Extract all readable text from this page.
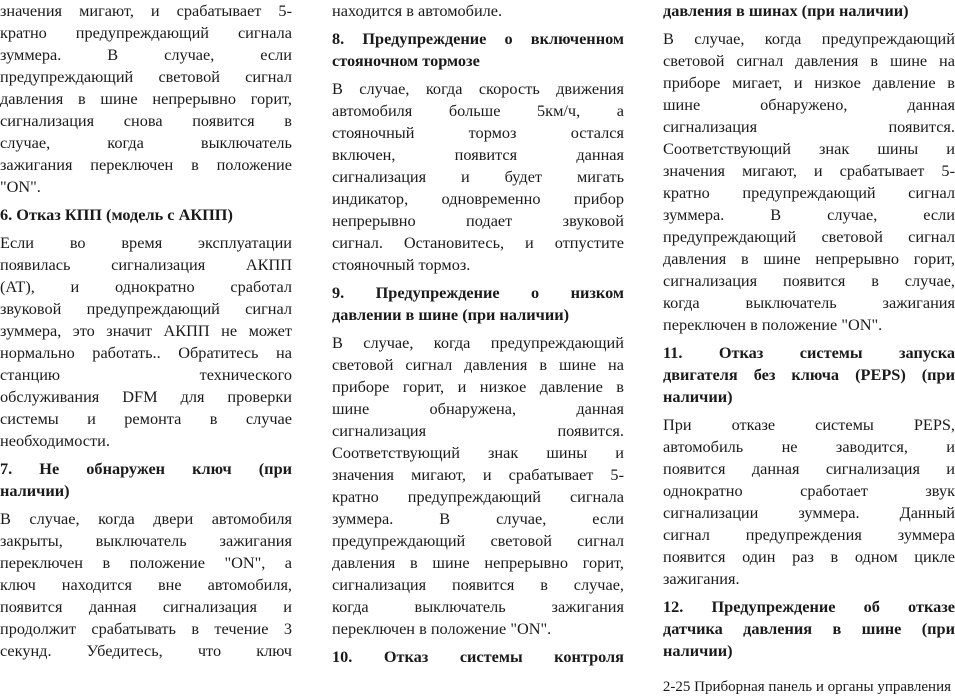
значения мигают, и срабатывает 5-
кратно предупреждающий сигнала
зуммера. В случае, если
предупреждающий световой сигнал
давления в шине непрерывно горит,
сигнализация снова появится в
случае, когда выключатель
зажигания переключен в положение
"ON".
6. Отказ КПП (модель с АКПП)
Если во время эксплуатации
появилась сигнализация АКПП
(AT), и однократно сработал
звуковой предупреждающий сигнал
зуммера, это значит АКПП не может
нормально работать.. Обратитесь на
станцию технического
обслуживания DFM для проверки
системы и ремонта в случае
необходимости.
7. Не обнаружен ключ (при
наличии)
В случае, когда двери автомобиля
закрыты, выключатель зажигания
переключен в положение "ON", а
ключ находится вне автомобиля,
появится данная сигнализация и
продолжит срабатывать в течение 3
секунд. Убедитесь, что ключ
находится в автомобиле.
8. Предупреждение о включенном
стояночном тормозе
В случае, когда скорость движения
автомобиля больше 5км/ч, а
стояночный тормоз остался
включен, появится данная
сигнализация и будет мигать
индикатор, одновременно прибор
непрерывно подает звуковой
сигнал. Остановитесь, и отпустите
стояночный тормоз.
9. Предупреждение о низком
давлении в шине (при наличии)
В случае, когда предупреждающий
световой сигнал давления в шине на
приборе горит, и низкое давление в
шине обнаружена, данная
сигнализация появится.
Соответствующий знак шины и
значения мигают, и срабатывает 5-
кратно предупреждающий сигнала
зуммера. В случае, если
предупреждающий световой сигнал
давления в шине непрерывно горит,
сигнализация появится в случае,
когда выключатель зажигания
переключен в положение "ON".
10. Отказ системы контроля
давления в шинах (при наличии)
В случае, когда предупреждающий
световой сигнал давления в шине на
приборе мигает, и низкое давление в
шине обнаружено, данная
сигнализация появится.
Соответствующий знак шины и
значения мигают, и срабатывает 5-
кратно предупреждающий сигнал
зуммера. В случае, если
предупреждающий световой сигнал
давления в шине непрерывно горит,
сигнализация появится в случае,
когда выключатель зажигания
переключен в положение "ON".
11. Отказ системы запуска
двигателя без ключа (PEPS) (при
наличии)
При отказе системы PEPS,
автомобиль не заводится, и
появится данная сигнализация и
однократно сработает звук
сигнализации зуммера. Данный
сигнал предупреждения зуммера
появится один раз в одном цикле
зажигания.
12. Предупреждение об отказе
датчика давления в шине (при
наличии)
2-25 Приборная панель и органы управления
